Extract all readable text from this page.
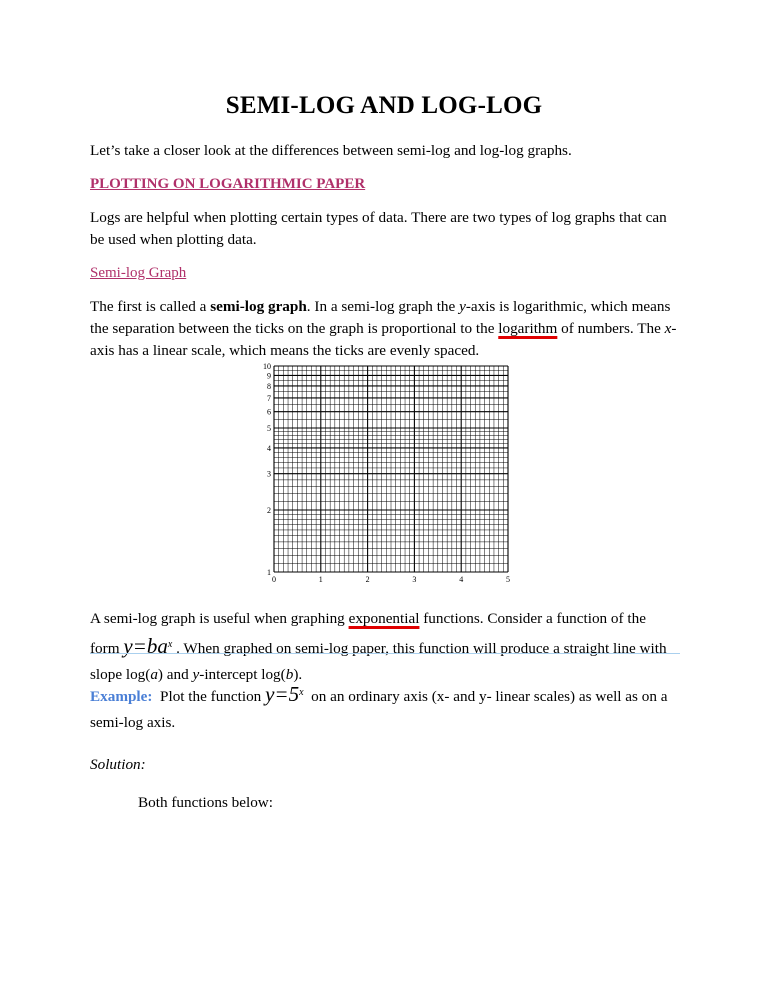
SEMI-LOG AND LOG-LOG

Let’s take a closer look at the differences between semi-log and log-log graphs.

PLOTTING ON LOGARITHMIC PAPER

Logs are helpful when plotting certain types of data. There are two types of log graphs that can be used when plotting data.

Semi-log Graph

The first is called a semi-log graph. In a semi-log graph the y-axis is logarithmic, which means the separation between the ticks on the graph is proportional to the logarithm of numbers. The x-axis has a linear scale, which means the ticks are evenly spaced.

1
2
3
4
5
6
7
8
9
10
0	1	2	3	4	5

A semi-log graph is useful when graphing exponential functions. Consider a function of the
form $y=ba^x$ . When graphed on semi-log paper, this function will produce a straight line with
slope log(a) and y-intercept log(b).

Example:  Plot the function $y=5^x$  on an ordinary axis (x- and y- linear scales) as well as on a
semi-log axis.

Solution:

Both functions below:
